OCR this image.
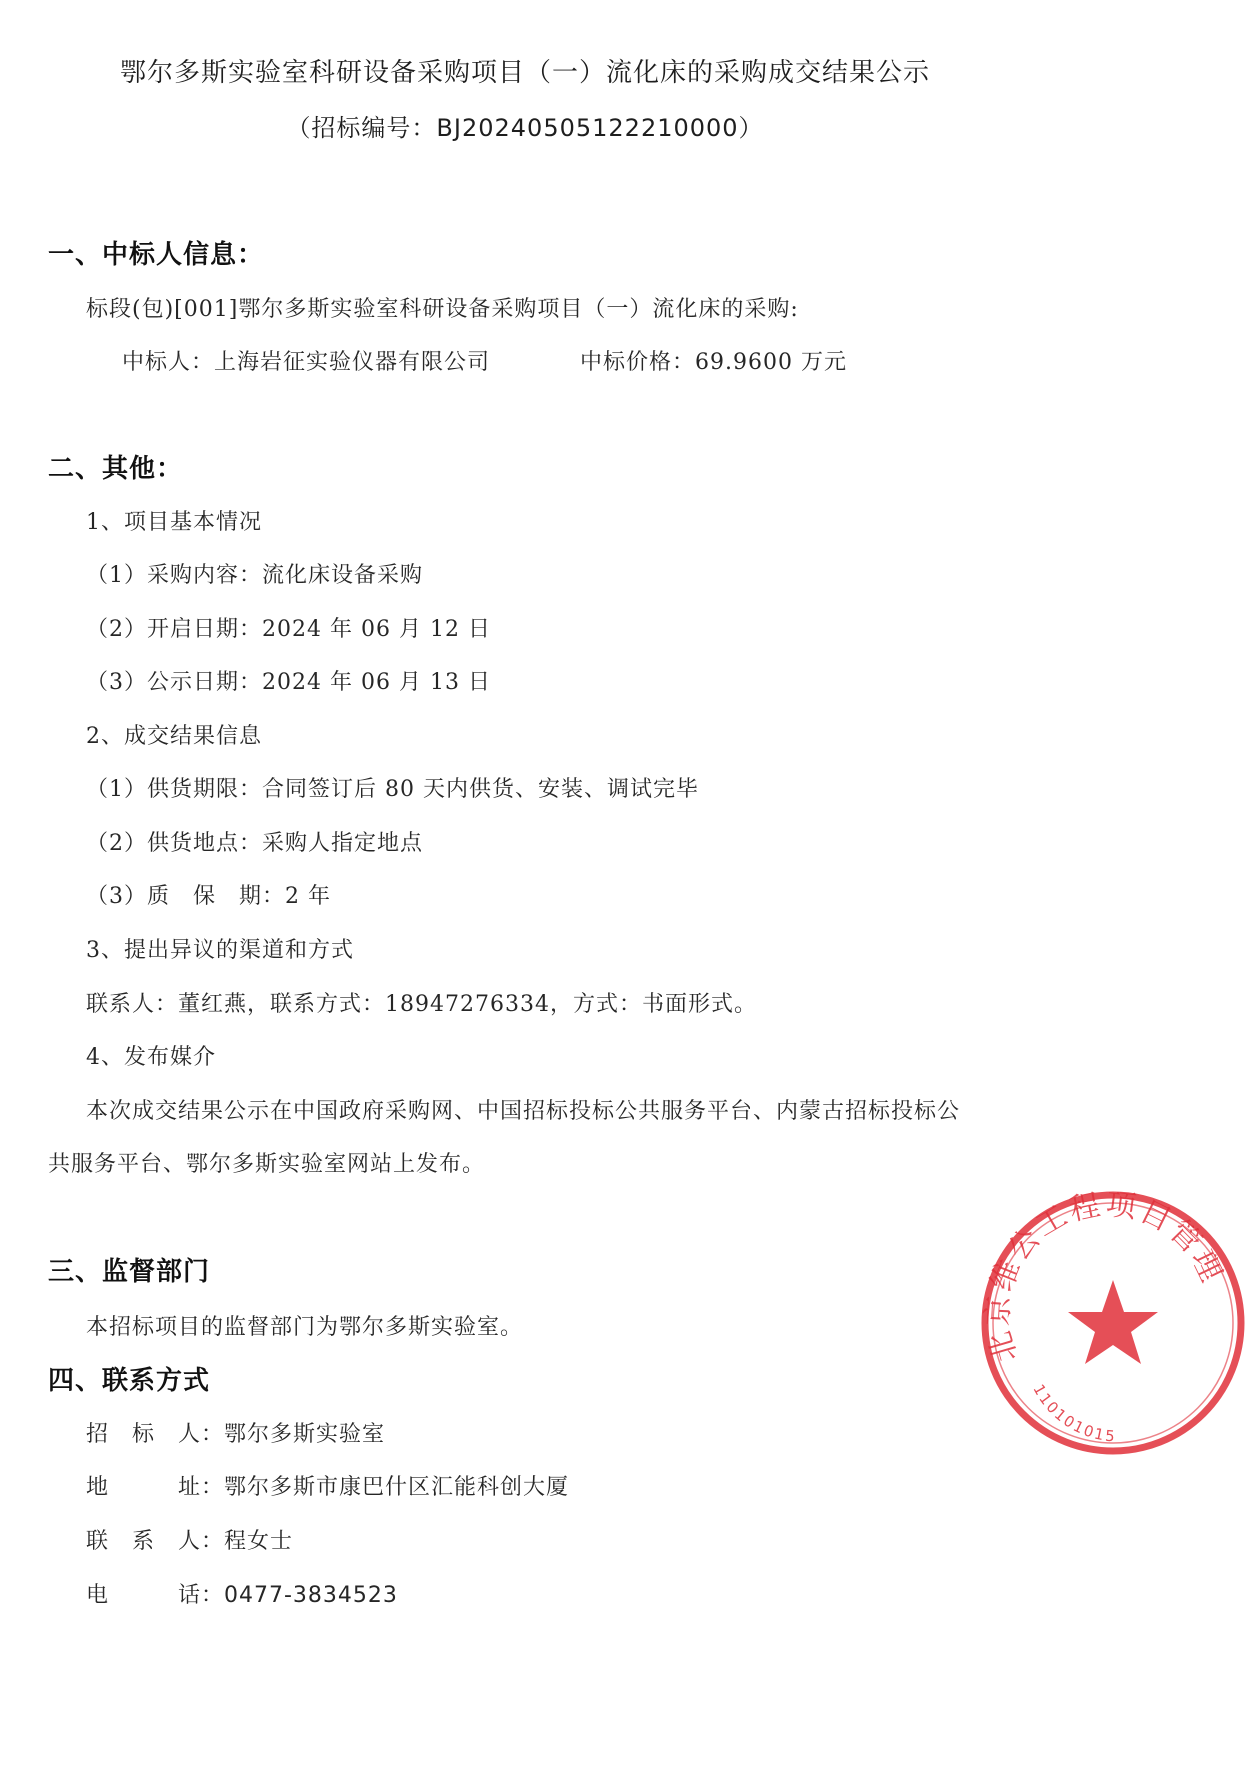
鄂尔多斯实验室科研设备采购项目（一）流化床的采购成交结果公示
（招标编号：BJ20240505122210000）
一、中标人信息：
标段(包)[001]鄂尔多斯实验室科研设备采购项目（一）流化床的采购:
中标人：上海岩征实验仪器有限公司	中标价格：69.9600 万元
二、其他：
1、项目基本情况
（1）采购内容：流化床设备采购
（2）开启日期：2024 年 06 月 12 日
（3）公示日期：2024 年 06 月 13 日
2、成交结果信息
（1）供货期限：合同签订后 80 天内供货、安装、调试完毕
（2）供货地点：采购人指定地点
（3）质　保　期：2 年
3、提出异议的渠道和方式
联系人：董红燕，联系方式：18947276334，方式：书面形式。
4、发布媒介
本次成交结果公示在中国政府采购网、中国招标投标公共服务平台、内蒙古招标投标公
共服务平台、鄂尔多斯实验室网站上发布。
三、监督部门
本招标项目的监督部门为鄂尔多斯实验室。
四、联系方式
招　标　人：鄂尔多斯实验室
地　　　址：鄂尔多斯市康巴什区汇能科创大厦
联　系　人：程女士
电　　　话：0477-3834523
北京维公工程项目管理
110101015
